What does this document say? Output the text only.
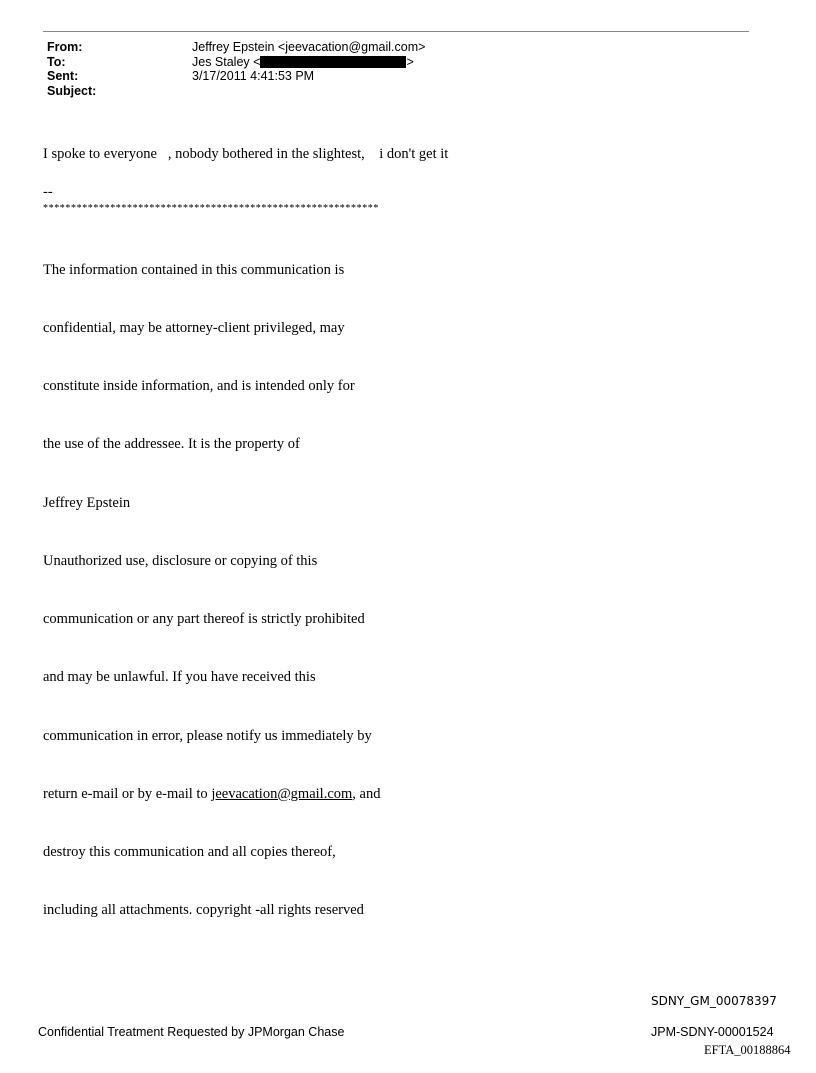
From:	Jeffrey Epstein <jeevacation@gmail.com>
To:	Jes Staley <	>
Sent:	3/17/2011 4:41:53 PM
Subject:
I spoke to everyone   , nobody bothered in the slightest,    i don't get it
--
************************************************************

The information contained in this communication is

confidential, may be attorney-client privileged, may

constitute inside information, and is intended only for

the use of the addressee. It is the property of

Jeffrey Epstein

Unauthorized use, disclosure or copying of this

communication or any part thereof is strictly prohibited

and may be unlawful. If you have received this

communication in error, please notify us immediately by

return e-mail or by e-mail to jeevacation@gmail.com, and

destroy this communication and all copies thereof,

including all attachments. copyright -all rights reserved

SDNY_GM_00078397
Confidential Treatment Requested by JPMorgan Chase	JPM-SDNY-00001524
EFTA_00188864
